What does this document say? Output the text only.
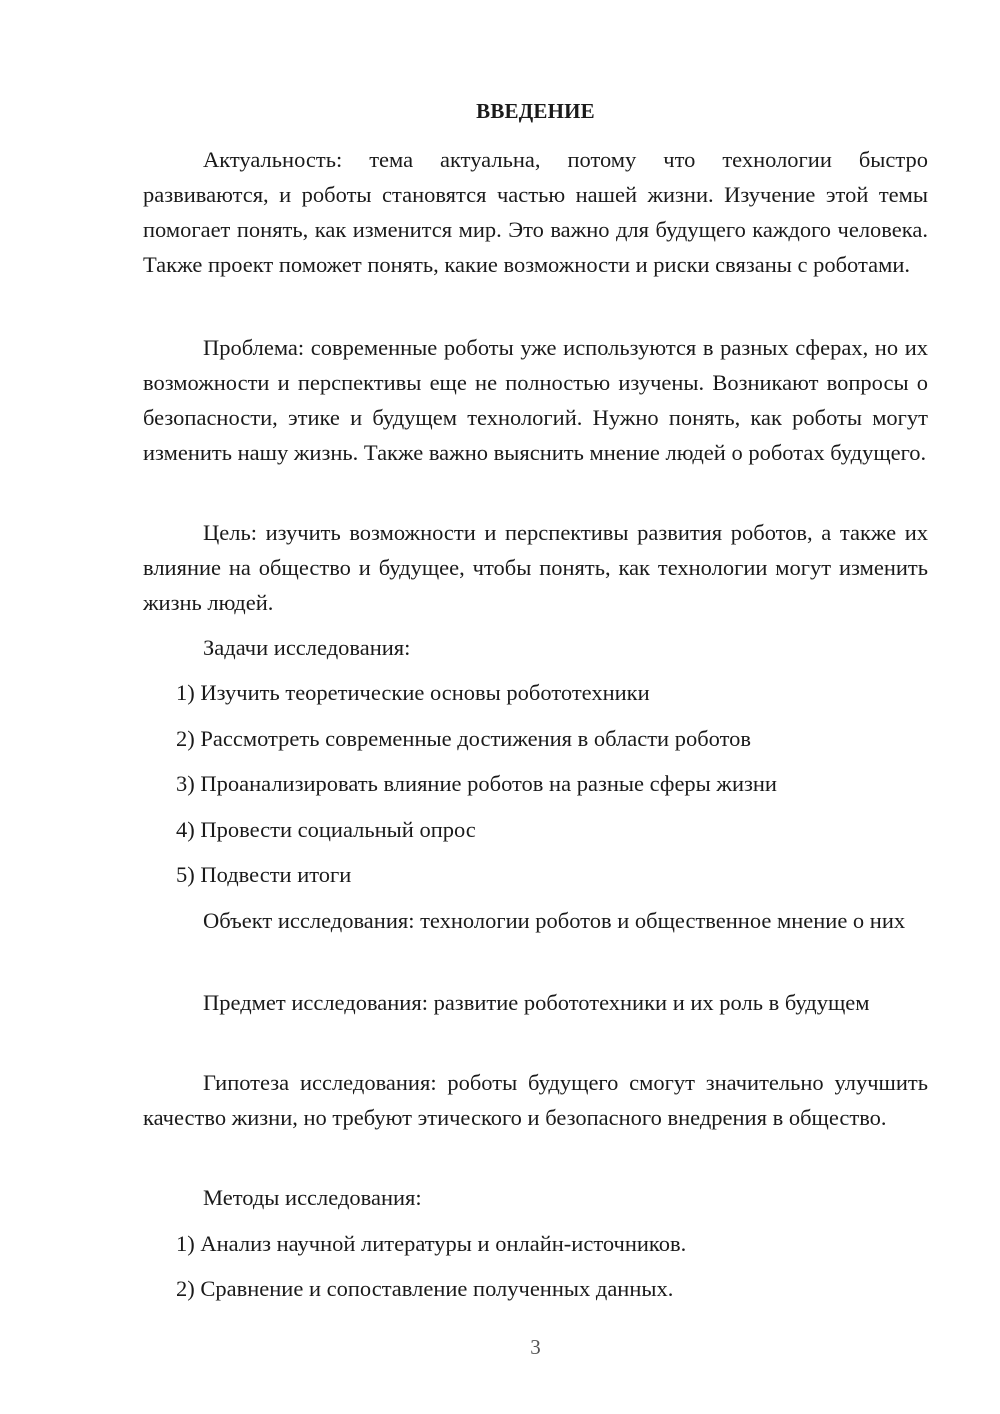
ВВЕДЕНИЕ

Актуальность: тема актуальна, потому что технологии быстро развиваются, и роботы становятся частью нашей жизни. Изучение этой темы помогает понять, как изменится мир. Это важно для будущего каждого человека. Также проект поможет понять, какие возможности и риски связаны с роботами.

Проблема: современные роботы уже используются в разных сферах, но их возможности и перспективы еще не полностью изучены. Возникают вопросы о безопасности, этике и будущем технологий. Нужно понять, как роботы могут изменить нашу жизнь. Также важно выяснить мнение людей о роботах будущего.

Цель: изучить возможности и перспективы развития роботов, а также их влияние на общество и будущее, чтобы понять, как технологии могут изменить жизнь людей.

Задачи исследования:

1) Изучить теоретические основы робототехники

2) Рассмотреть современные достижения в области роботов

3) Проанализировать влияние роботов на разные сферы жизни

4) Провести социальный опрос

5) Подвести итоги

Объект исследования: технологии роботов и общественное мнение о них

Предмет исследования: развитие робототехники и их роль в будущем

Гипотеза исследования: роботы будущего смогут значительно улучшить качество жизни, но требуют этического и безопасного внедрения в общество.

Методы исследования:

1) Анализ научной литературы и онлайн-источников.

2) Сравнение и сопоставление полученных данных.

3
